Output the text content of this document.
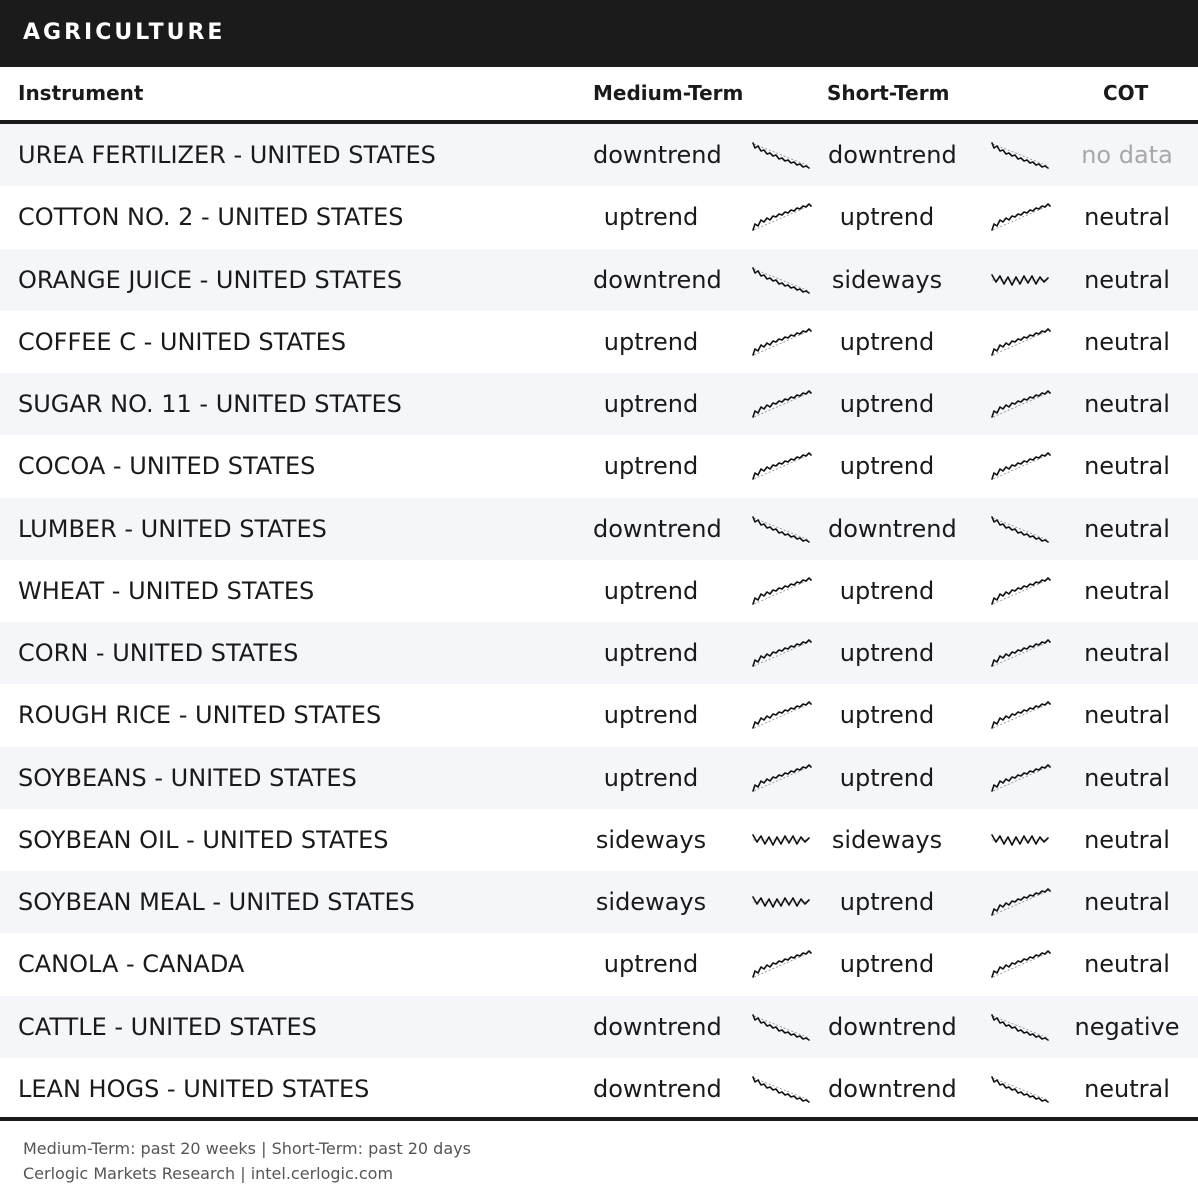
AGRICULTURE
Instrument	Medium-Term	Short-Term	COT
UREA FERTILIZER - UNITED STATES	downtrend	downtrend	no data
COTTON NO. 2 - UNITED STATES	uptrend	uptrend	neutral
ORANGE JUICE - UNITED STATES	downtrend	sideways	neutral
COFFEE C - UNITED STATES	uptrend	uptrend	neutral
SUGAR NO. 11 - UNITED STATES	uptrend	uptrend	neutral
COCOA - UNITED STATES	uptrend	uptrend	neutral
LUMBER - UNITED STATES	downtrend	downtrend	neutral
WHEAT - UNITED STATES	uptrend	uptrend	neutral
CORN - UNITED STATES	uptrend	uptrend	neutral
ROUGH RICE - UNITED STATES	uptrend	uptrend	neutral
SOYBEANS - UNITED STATES	uptrend	uptrend	neutral
SOYBEAN OIL - UNITED STATES	sideways	sideways	neutral
SOYBEAN MEAL - UNITED STATES	sideways	uptrend	neutral
CANOLA - CANADA	uptrend	uptrend	neutral
CATTLE - UNITED STATES	downtrend	downtrend	negative
LEAN HOGS - UNITED STATES	downtrend	downtrend	neutral
Medium-Term: past 20 weeks | Short-Term: past 20 days
Cerlogic Markets Research | intel.cerlogic.com
